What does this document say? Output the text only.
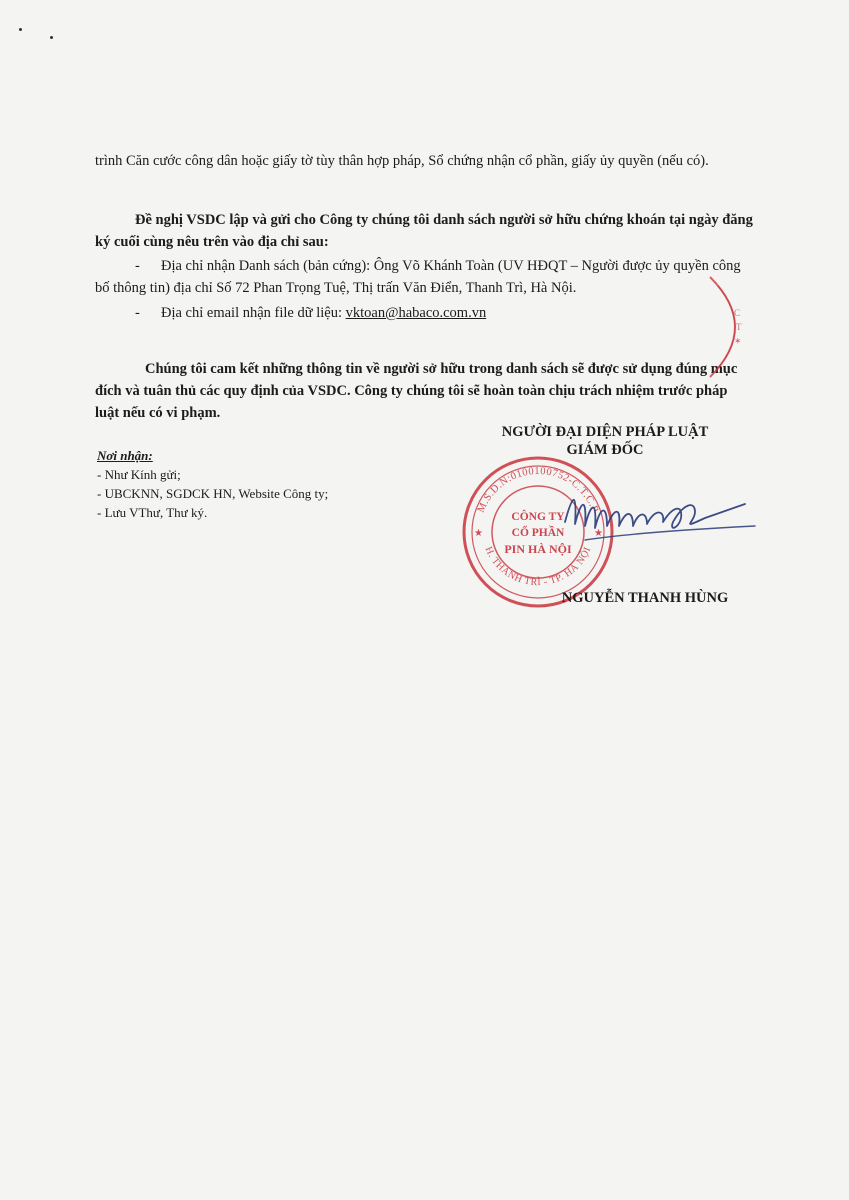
trình Căn cước công dân hoặc giấy tờ tùy thân hợp pháp, Sổ chứng nhận cổ phần, giấy ủy quyền (nếu có).
Đề nghị VSDC lập và gửi cho Công ty chúng tôi danh sách người sở hữu chứng khoán tại ngày đăng ký cuối cùng nêu trên vào địa chỉ sau:
- Địa chỉ nhận Danh sách (bản cứng): Ông Võ Khánh Toàn (UV HĐQT – Người được ủy quyền công bố thông tin) địa chỉ Số 72 Phan Trọng Tuệ, Thị trấn Văn Điển, Thanh Trì, Hà Nội.
- Địa chỉ email nhận file dữ liệu: vktoan@habaco.com.vn
Chúng tôi cam kết những thông tin về người sở hữu trong danh sách sẽ được sử dụng đúng mục đích và tuân thủ các quy định của VSDC. Công ty chúng tôi sẽ hoàn toàn chịu trách nhiệm trước pháp luật nếu có vi phạm.
NGƯỜI ĐẠI DIỆN PHÁP LUẬT
GIÁM ĐỐC
Nơi nhận:
- Như Kính gửi;
- UBCKNN, SGDCK HN, Website Công ty;
- Lưu VThư, Thư ký.
C
T
✶
M.S.D.N:0100100752-C.T.C.P
H. THANH TRÌ - TP. HÀ NỘI
★	★
CÔNG TY
CỔ PHẦN
PIN HÀ NỘI
NGUYỄN THANH HÙNG
